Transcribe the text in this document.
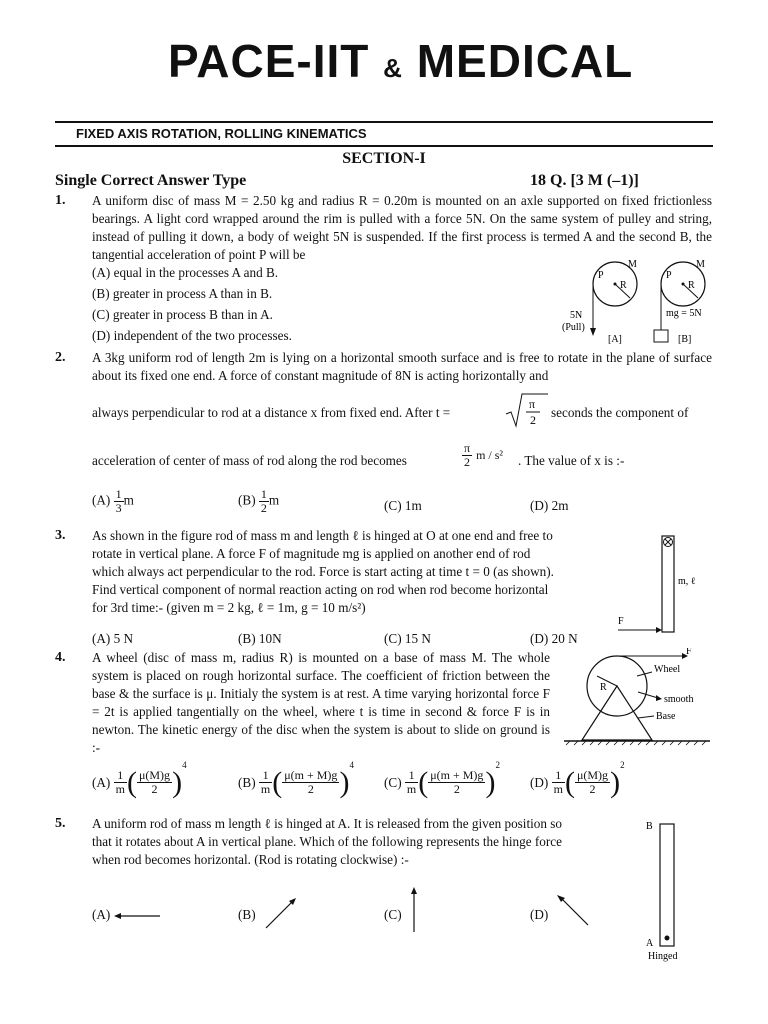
PACE-IIT & MEDICAL
FIXED AXIS ROTATION, ROLLING KINEMATICS
SECTION-I
Single Correct Answer Type	18 Q. [3 M (–1)]
1. A uniform disc of mass M = 2.50 kg and radius R = 0.20m is mounted on an axle supported on fixed frictionless bearings. A light cord wrapped around the rim is pulled with a force 5N. On the same system of pulley and string, instead of pulling it down, a body of weight 5N is suspended. If the first process is termed A and the second B, the tangential acceleration of point P will be
(A) equal in the processes A and B.
(B) greater in process A than in B.
(C) greater in process B than in A.
(D) independent of the two processes.
P
M
R
5N
(Pull)
[A]
P
M
R
mg = 5N
[B]
2. A 3kg uniform rod of length 2m is lying on a horizontal smooth surface and is free to rotate in the plane of surface about its fixed one end. A force of constant magnitude of 8N is acting horizontally and
always perpendicular to rod at a distance x from fixed end. After t =
π
2 seconds the component of
acceleration of center of mass of rod along the rod becomes	$\frac{\pi}{2}$ m / s² . The value of x is :-
$(A) \frac{1}{3}$ m	$(B) \frac{1}{2}$ m	(C) 1m	(D) 2m
3. As shown in the figure rod of mass m and length ℓ is hinged at O at one end and free to rotate in vertical plane. A force F of magnitude mg is applied on another end of rod which always act perpendicular to the rod. Force is start acting at time t = 0 (as shown). Find vertical component of normal reaction acting on rod when rod become horizontal for 3rd time:- (given m = 2 kg, ℓ = 1m, g = 10 m/s²)
(A) 5 N	(B) 10N	(C) 15 N	(D) 20 N
m, ℓ
F
4. A wheel (disc of mass m, radius R) is mounted on a base of mass M. The whole system is placed on rough horizontal surface. The coefficient of friction between the base & the surface is μ. Initialy the system is at rest. A time varying horizontal force F = 2t is applied tangentially on the wheel, where t is time in second & force F is in newton. The kinetic energy of the disc when the system is about to slide on ground is :-
F
Wheel
R
smooth
Base
$(A) \frac{1}{m}$ ( $\frac{\mu(M)g}{2} )^4$
$(B) \frac{1}{m}$ ( $\frac{\mu(m + M)g}{2} )^4$
$(C) \frac{1}{m}$ ( $\frac{\mu(m + M)g}{2} )^2$
$(D) \frac{1}{m}$ ( $\frac{\mu(M)g}{2} )^2$
5. A uniform rod of mass m length ℓ is hinged at A. It is released from the given position so that it rotates about A in vertical plane. Which of the following represents the hinge force when rod becomes horizontal. (Rod is rotating clockwise) :-
(A)	(B)	(C)	(D)
B
A
Hinged
